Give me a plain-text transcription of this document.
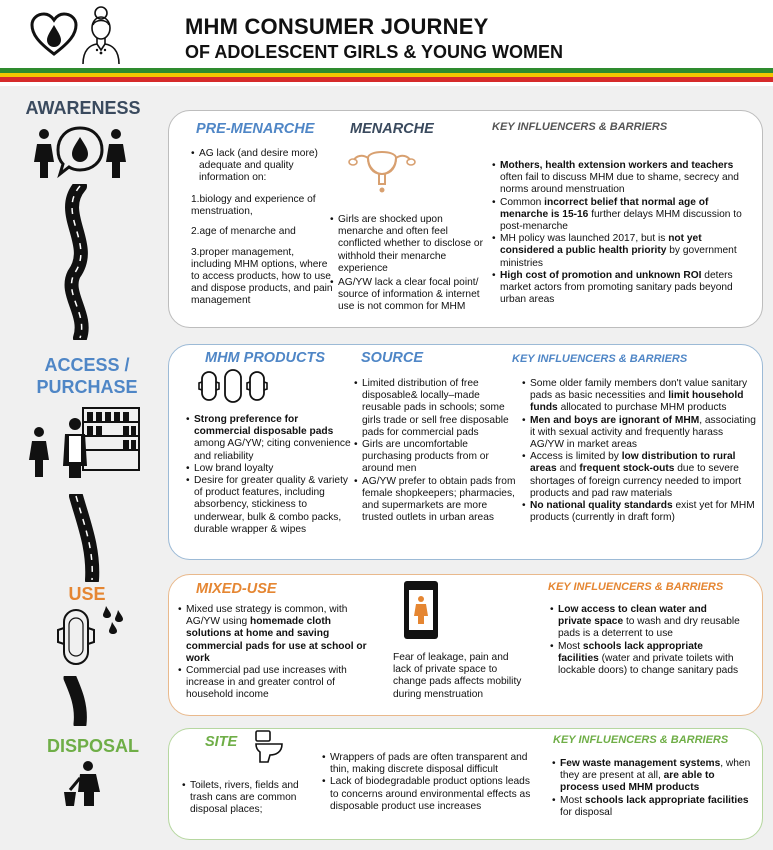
MHM CONSUMER JOURNEY
OF ADOLESCENT GIRLS & YOUNG WOMEN
AWARENESS
ACCESS /
PURCHASE
USE
DISPOSAL
PRE-MENARCHE MENARCHE	KEY INFLUENCERS & BARRIERS
• AG lack (and desire more) adequate and quality information on:
1.biology and experience of menstruation,
2.age of menarche and
3.proper management, including MHM options, where to access products, how to use and dispose products, and pain management
• Girls are shocked upon menarche and often feel conflicted whether to disclose or withhold their menarche experience
• AG/YW lack a clear focal point/ source of information & internet use is not common for MHM
• Mothers, health extension workers and teachers often fail to discuss MHM due to shame, secrecy and norms around menstruation
• Common incorrect belief that normal age of menarche is 15-16 further delays MHM discussion to post-menarche
• MH policy was launched 2017, but is not yet considered a public health priority by government ministries
• High cost of promotion and unknown ROI deters market actors from promoting sanitary pads beyond urban areas
MHM PRODUCTS SOURCE	KEY INFLUENCERS & BARRIERS
• Strong preference for commercial disposable pads among AG/YW; citing convenience and reliability
• Low brand loyalty
• Desire for greater quality & variety of product features, including absorbency, stickiness to underwear, bulk & combo packs, durable wrapper & wipes
• Limited distribution of free disposable& locally–made reusable pads in schools; some girls trade or sell free disposable pads for commercial pads
• Girls are uncomfortable purchasing products from or around men
• AG/YW prefer to obtain pads from female shopkeepers; pharmacies, and supermarkets are more trusted outlets in urban areas
• Some older family members don't value sanitary pads as basic necessities and limit household funds allocated to purchase MHM products
• Men and boys are ignorant of MHM, associating it with sexual activity and frequently harass AG/YW in market areas
• Access is limited by low distribution to rural areas and frequent stock-outs due to severe shortages of foreign currency needed to import products and pad raw materials
• No national quality standards exist yet for MHM products (currently in draft form)
MIXED-USE	KEY INFLUENCERS & BARRIERS
• Mixed use strategy is common, with AG/YW using homemade cloth solutions at home and saving commercial pads for use at school or work
• Commercial pad use increases with increase in and greater control of household income
Fear of leakage, pain and lack of private space to change pads affects mobility during menstruation
• Low access to clean water and private space to wash and dry reusable pads is a deterrent to use
• Most schools lack appropriate facilities (water and private toilets with lockable doors) to change sanitary pads
SITE	KEY INFLUENCERS & BARRIERS
• Toilets, rivers, fields and trash cans are common disposal places;
• Wrappers of pads are often transparent and thin, making discrete disposal difficult
• Lack of biodegradable product options leads to concerns around environmental effects as disposable product use increases
• Few waste management systems, when they are present at all, are able to process used MHM products
• Most schools lack appropriate facilities for disposal
